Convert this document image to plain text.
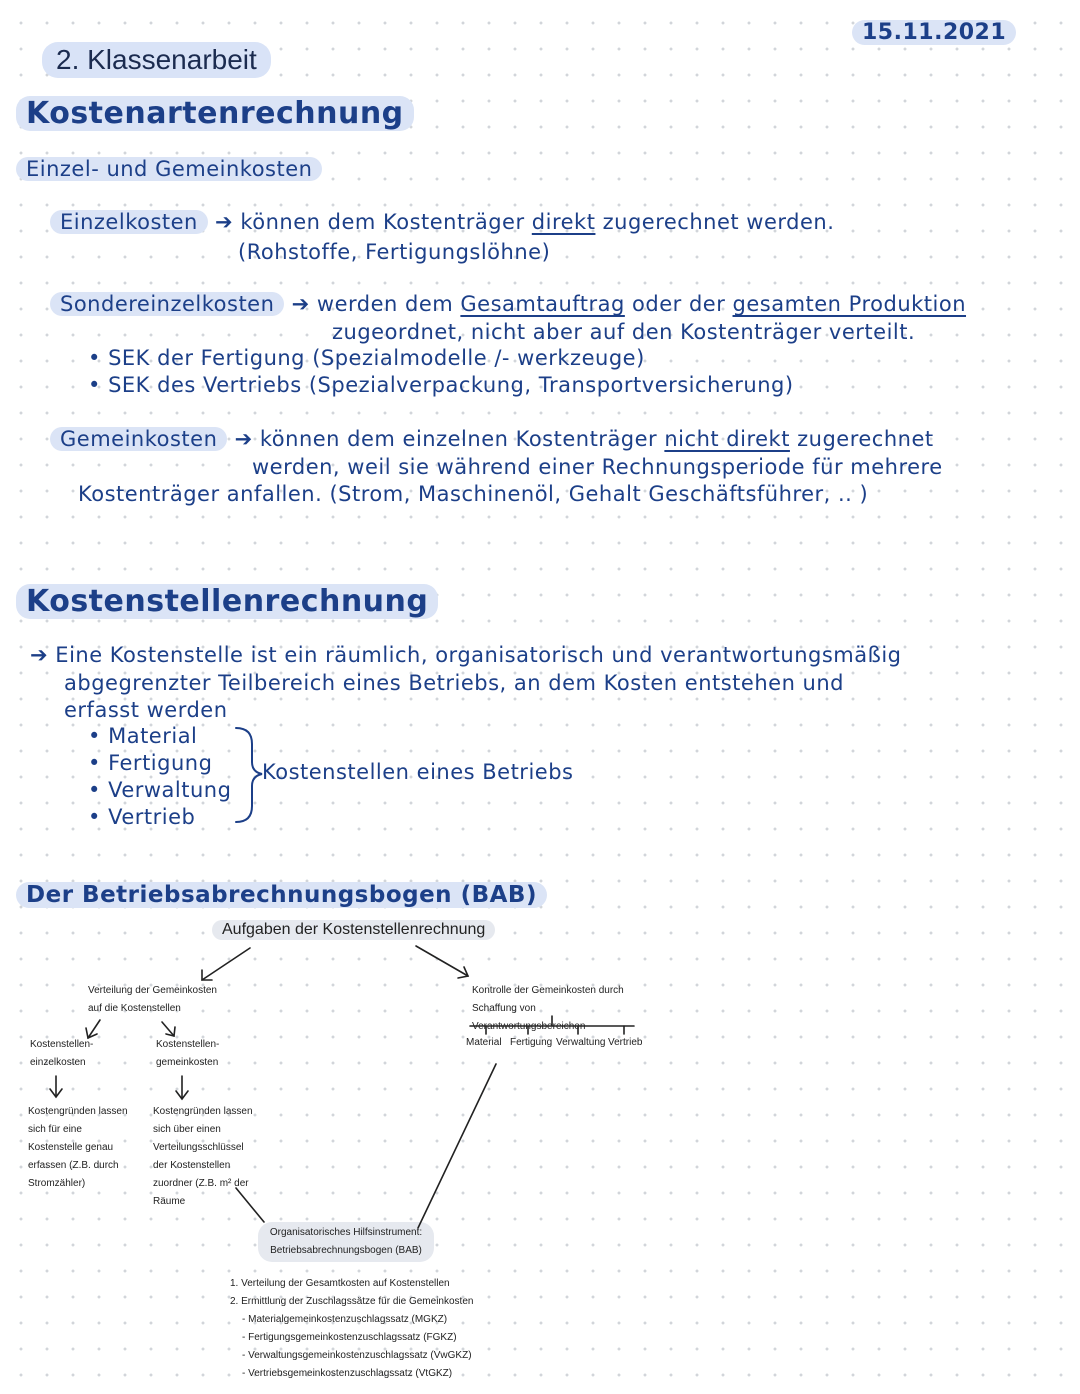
15.11.2021
2. Klassenarbeit
Kostenartenrechnung
Einzel- und Gemeinkosten
Einzelkosten ➔ können dem Kostenträger direkt zugerechnet werden.
(Rohstoffe, Fertigungslöhne)
Sondereinzelkosten ➔ werden dem Gesamtauftrag oder der gesamten Produktion
zugeordnet, nicht aber auf den Kostenträger verteilt.
• SEK der Fertigung (Spezialmodelle /- werkzeuge)
• SEK des Vertriebs (Spezialverpackung, Transportversicherung)
Gemeinkosten ➔ können dem einzelnen Kostenträger nicht direkt zugerechnet
werden, weil sie während einer Rechnungsperiode für mehrere
Kostenträger anfallen. (Strom, Maschinenöl, Gehalt Geschäftsführer, .. )
Kostenstellenrechnung
➔ Eine Kostenstelle ist ein räumlich, organisatorisch und verantwortungsmäßig
abgegrenzter Teilbereich eines Betriebs, an dem Kosten entstehen und
erfasst werden
• Material
• Fertigung
• Verwaltung
• Vertrieb
Kostenstellen eines Betriebs
Der Betriebsabrechnungsbogen (BAB)
Aufgaben der Kostenstellenrechnung
Verteilung der Gemeinkosten auf die Kostenstellen
Kostenstellen-einzelkosten
Kostenstellen-gemeinkosten
Kostengründen lassen sich für eine Kostenstelle genau erfassen (Z.B. durch Stromzähler)
Kostengründen lassen sich über einen Verteilungsschlüssel der Kostenstellen zuordner (Z.B. m² der Räume
Kontrolle der Gemeinkosten durch Schaffung von Verantwortungsbereichen
Material Fertigung Verwaltung Vertrieb
Organisatorisches Hilfsinstrument:
Betriebsabrechnungsbogen (BAB)
1. Verteilung der Gesamtkosten auf Kostenstellen
2. Ermittlung der Zuschlagssätze für die Gemeinkosten
- Materialgemeinkostenzuschlagssatz (MGKZ)
- Fertigungsgemeinkostenzuschlagssatz (FGKZ)
- Verwaltungsgemeinkostenzuschlagssatz (VwGKZ)
- Vertriebsgemeinkostenzuschlagssatz (VtGKZ)
